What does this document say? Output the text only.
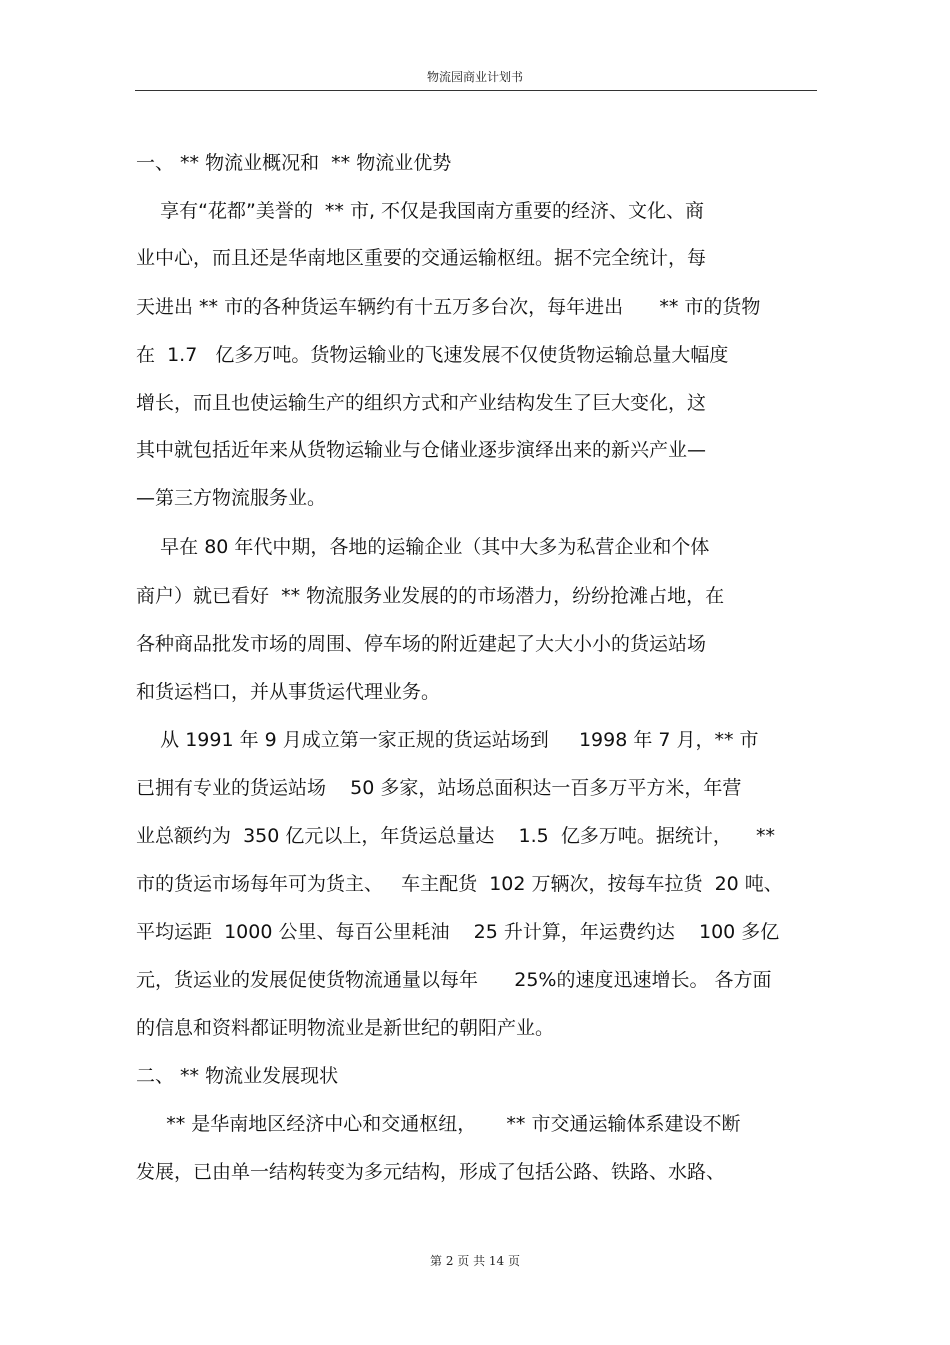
物流园商业计划书
一、 ** 物流业概况和  ** 物流业优势
享有“花都”美誉的  ** 市, 不仅是我国南方重要的经济、文化、商
业中心，而且还是华南地区重要的交通运输枢纽。据不完全统计，每
天进出 ** 市的各种货运车辆约有十五万多台次，每年进出      ** 市的货物
在  1.7   亿多万吨。货物运输业的飞速发展不仅使货物运输总量大幅度
增长，而且也使运输生产的组织方式和产业结构发生了巨大变化，这
其中就包括近年来从货物运输业与仓储业逐步演绎出来的新兴产业—
—第三方物流服务业。
早在 80 年代中期，各地的运输企业（其中大多为私营企业和个体
商户）就已看好  ** 物流服务业发展的的市场潜力，纷纷抢滩占地，在
各种商品批发市场的周围、停车场的附近建起了大大小小的货运站场
和货运档口，并从事货运代理业务。
从 1991 年 9 月成立第一家正规的货运站场到     1998 年 7 月，** 市
已拥有专业的货运站场    50 多家，站场总面积达一百多万平方米，年营
业总额约为  350 亿元以上，年货运总量达    1.5  亿多万吨。据统计，    **
市的货运市场每年可为货主、   车主配货  102 万辆次，按每车拉货  20 吨、
平均运距  1000 公里、每百公里耗油    25 升计算，年运费约达    100 多亿
元，货运业的发展促使货物流通量以每年      25%的速度迅速增长。 各方面
的信息和资料都证明物流业是新世纪的朝阳产业。
二、 ** 物流业发展现状
** 是华南地区经济中心和交通枢纽，     ** 市交通运输体系建设不断
发展，已由单一结构转变为多元结构，形成了包括公路、铁路、水路、
第 2 页 共 14 页
